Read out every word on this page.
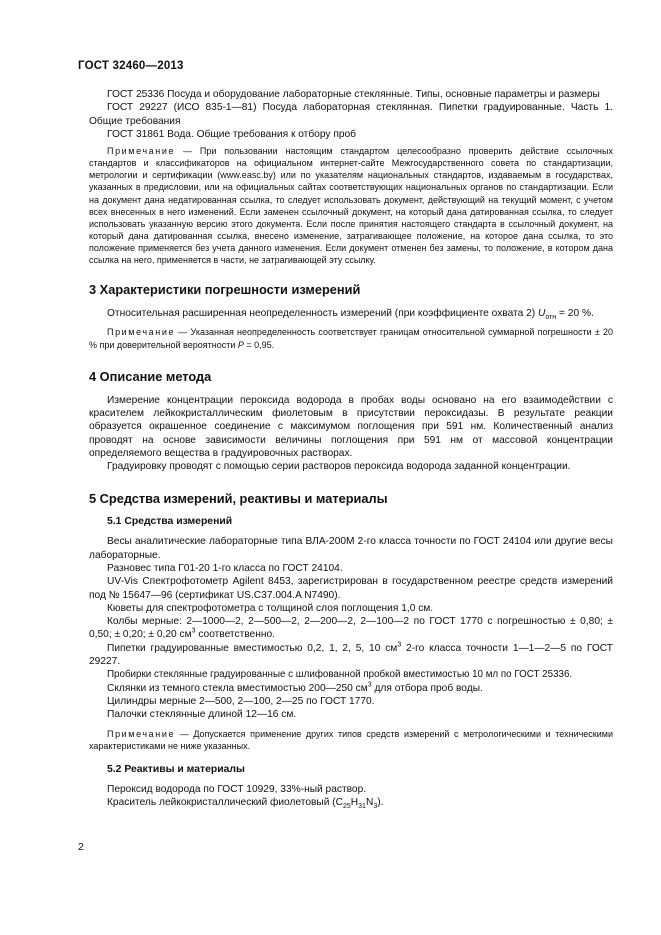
ГОСТ 32460—2013

ГОСТ 25336 Посуда и оборудование лабораторные стеклянные. Типы, основные параметры и размеры

ГОСТ 29227 (ИСО 835-1—81) Посуда лабораторная стеклянная. Пипетки градуированные. Часть 1. Общие требования

ГОСТ 31861 Вода. Общие требования к отбору проб

Примечание — При пользовании настоящим стандартом целесообразно проверить действие ссылочных стандартов и классификаторов на официальном интернет-сайте Межгосударственного совета по стандартизации, метрологии и сертификации (www.easc.by) или по указателям национальных стандартов, издаваемым в государствах, указанных в предисловии, или на официальных сайтах соответствующих национальных органов по стандартизации. Если на документ дана недатированная ссылка, то следует использовать документ, действующий на текущий момент, с учетом всех внесенных в него изменений. Если заменен ссылочный документ, на который дана датированная ссылка, то следует использовать указанную версию этого документа. Если после принятия настоящего стандарта в ссылочный документ, на который дана датированная ссылка, внесено изменение, затрагивающее положение, на которое дана ссылка, то это положение применяется без учета данного изменения. Если документ отменен без замены, то положение, в котором дана ссылка на него, применяется в части, не затрагивающей эту ссылку.

3 Характеристики погрешности измерений

Относительная расширенная неопределенность измерений (при коэффициенте охвата 2) $U_{отн} = 20$ %.

Примечание — Указанная неопределенность соответствует границам относительной суммарной погрешности ± 20 % при доверительной вероятности P = 0,95.

4 Описание метода

Измерение концентрации пероксида водорода в пробах воды основано на его взаимодействии с красителем лейкокристаллическим фиолетовым в присутствии пероксидазы. В результате реакции образуется окрашенное соединение с максимумом поглощения при 591 нм. Количественный анализ проводят на основе зависимости величины поглощения при 591 нм от массовой концентрации определяемого вещества в градуировочных растворах.

Градуировку проводят с помощью серии растворов пероксида водорода заданной концентрации.

5 Средства измерений, реактивы и материалы
5.1 Средства измерений

Весы аналитические лабораторные типа ВЛА-200М 2-го класса точности по ГОСТ 24104 или другие весы лабораторные.

Разновес типа Г01-20 1-го класса по ГОСТ 24104.

UV-Vis Спектрофотометр Agilent 8453, зарегистрирован в государственном реестре средств измерений под № 15647—96 (сертификат US.C37.004.A N7490).

Кюветы для спектрофотометра с толщиной слоя поглощения 1,0 см.

Колбы мерные: 2—1000—2, 2—500—2, 2—200—2, 2—100—2 по ГОСТ 1770 с погрешностью ± 0,80; ± 0,50; ± 0,20; ± 0,20 $см^3$ соответственно.

Пипетки градуированные вместимостью 0,2, 1, 2, 5, 10 $см^3$ 2-го класса точности 1—1—2—5 по ГОСТ 29227.

Пробирки стеклянные градуированные с шлифованной пробкой вместимостью 10 мл по ГОСТ 25336.

Склянки из темного стекла вместимостью 200—250 $см^3$ для отбора проб воды.

Цилиндры мерные 2—500, 2—100, 2—25 по ГОСТ 1770.

Палочки стеклянные длиной 12—16 см.

Примечание — Допускается применение других типов средств измерений с метрологическими и техническими характеристиками не ниже указанных.

5.2 Реактивы и материалы

Пероксид водорода по ГОСТ 10929, 33%-ный раствор.

Краситель лейкокристаллический фиолетовый $(C_{25}H_{31}N_3)$.

2
